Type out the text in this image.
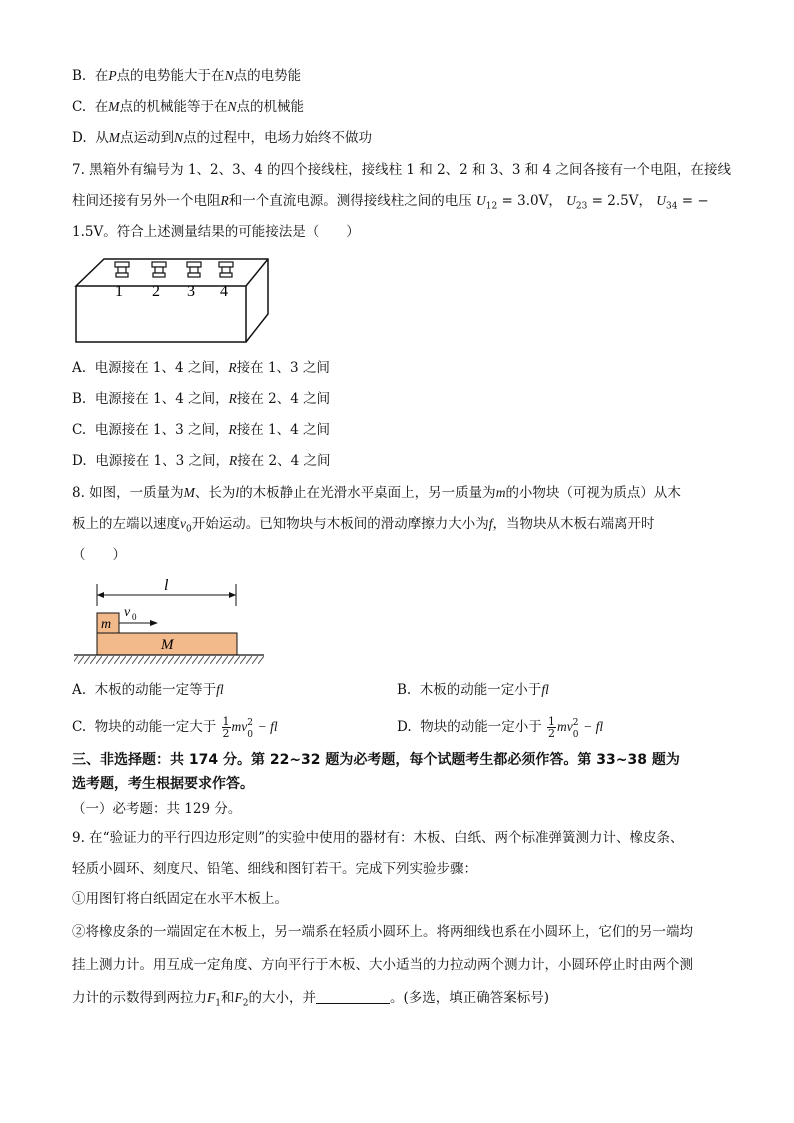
B. 在P点的电势能大于在N点的电势能
C. 在M点的机械能等于在N点的机械能
D. 从M点运动到N点的过程中，电场力始终不做功
7. 黑箱外有编号为 1、2、3、4 的四个接线柱，接线柱 1 和 2、2 和 3、3 和 4 之间各接有一个电阻，在接线
柱间还接有另外一个电阻R和一个直流电源。测得接线柱之间的电压 $U_{12} = 3.0V$， $U_{23} = 2.5V$， $U_{34}$ = −
1.5V。符合上述测量结果的可能接法是（　　）
1 2 3 4
A. 电源接在 1、4 之间，R接在 1、3 之间
B. 电源接在 1、4 之间，R接在 2、4 之间
C. 电源接在 1、3 之间，R接在 1、4 之间
D. 电源接在 1、3 之间，R接在 2、4 之间
8. 如图，一质量为M、长为l的木板静止在光滑水平桌面上，另一质量为m的小物块（可视为质点）从木
板上的左端以速度$v_0$开始运动。已知物块与木板间的滑动摩擦力大小为f，当物块从木板右端离开时
（　　）
l
m
v 0
M
A. 木板的动能一定等于fl	B. 木板的动能一定小于fl
C. 物块的动能一定大于 $\frac{1}{2}$ mv 2
0
− fl	D. 物块的动能一定小于 $\frac{1}{2}$ mv 2
0
− fl
三、非选择题：共 174 分。第 22~32 题为必考题，每个试题考生都必须作答。第 33~38 题为
选考题，考生根据要求作答。
（一）必考题：共 129 分。
9. 在“验证力的平行四边形定则”的实验中使用的器材有：木板、白纸、两个标准弹簧测力计、橡皮条、
轻质小圆环、刻度尺、铅笔、细线和图钉若干。完成下列实验步骤：
①用图钉将白纸固定在水平木板上。
②将橡皮条的一端固定在木板上，另一端系在轻质小圆环上。将两细线也系在小圆环上，它们的另一端均
挂上测力计。用互成一定角度、方向平行于木板、大小适当的力拉动两个测力计，小圆环停止时由两个测
力计的示数得到两拉力$F_1$和$F_2$的大小，并	。(多选，填正确答案标号)
